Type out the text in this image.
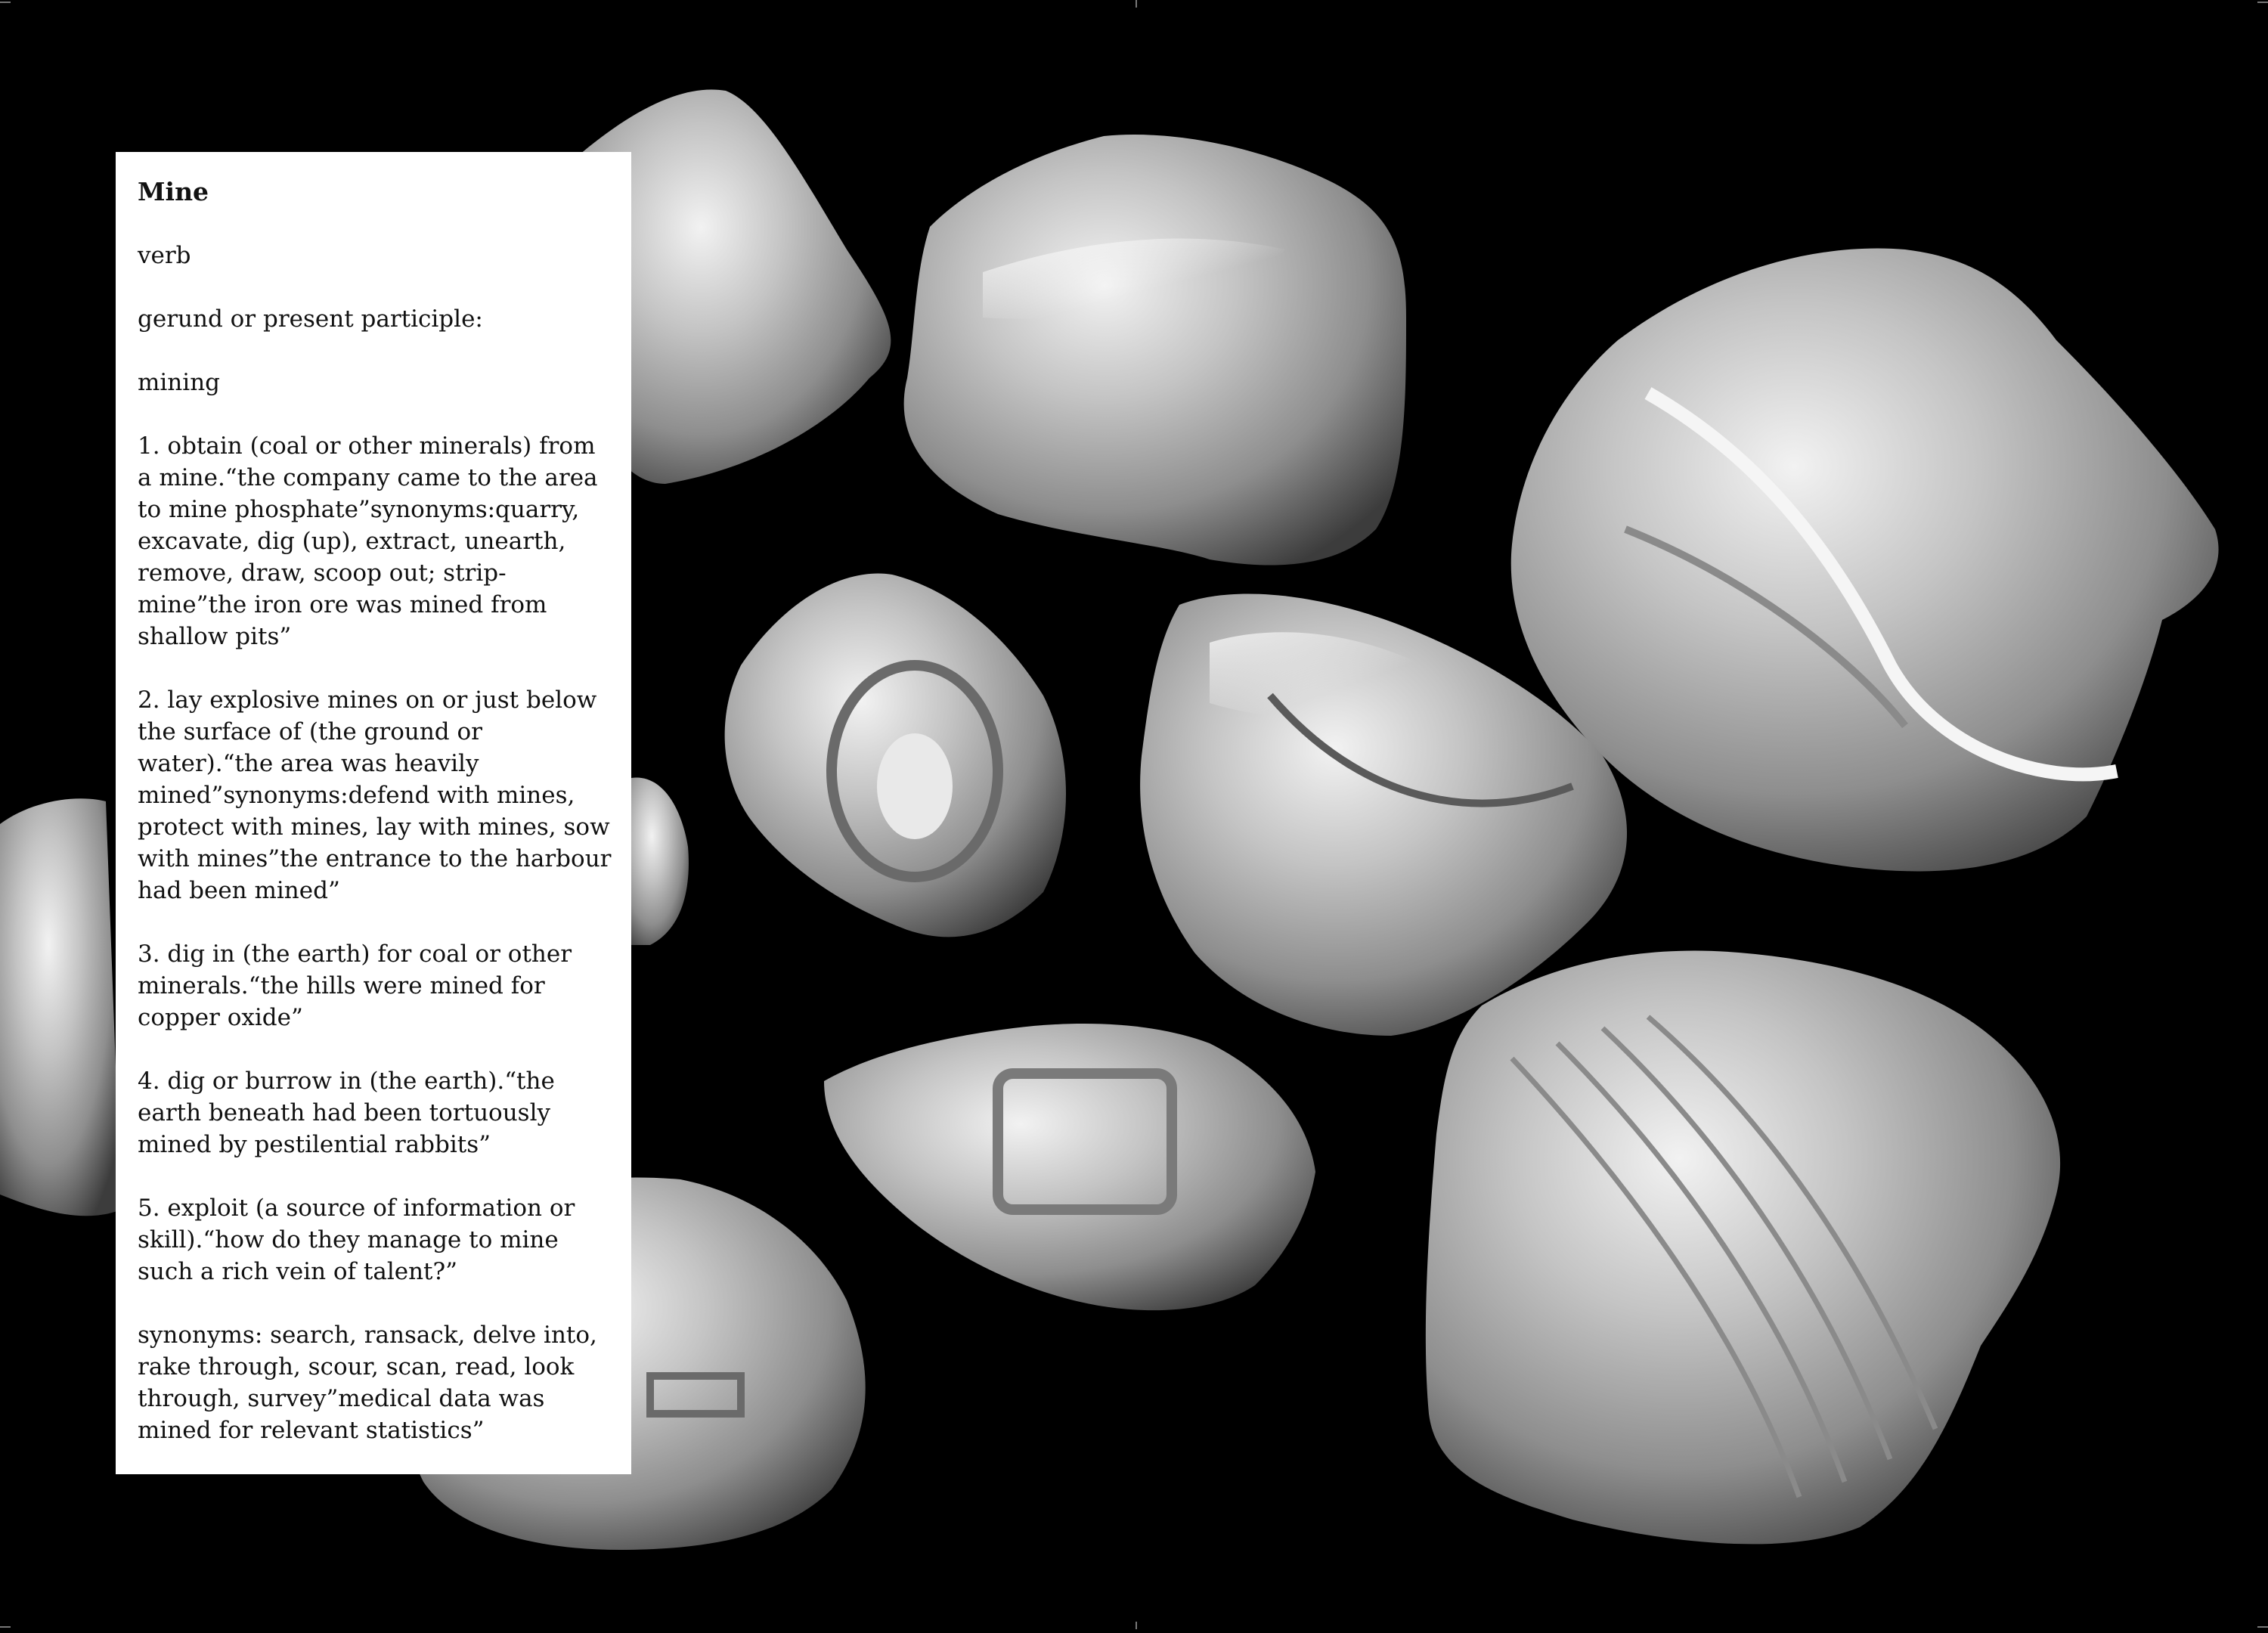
Mine

verb

gerund or present participle:

mining

1. obtain (coal or other minerals) from a mine.“the company came to the area to mine phosphate”synonyms:quarry, excavate, dig (up), extract, unearth, remove, draw, scoop out; strip-mine”the iron ore was mined from shallow pits”

2. lay explosive mines on or just below the surface of (the ground or water).“the area was heavily mined”synonyms:defend with mines, protect with mines, lay with mines, sow with mines”the entrance to the harbour had been mined”

3. dig in (the earth) for coal or other minerals.“the hills were mined for copper oxide”

4. dig or burrow in (the earth).“the earth beneath had been tortuously mined by pestilential rabbits”

5. exploit (a source of information or skill).“how do they manage to mine such a rich vein of talent?”

synonyms: search, ransack, delve into, rake through, scour, scan, read, look through, survey”medical data was mined for relevant statistics”
